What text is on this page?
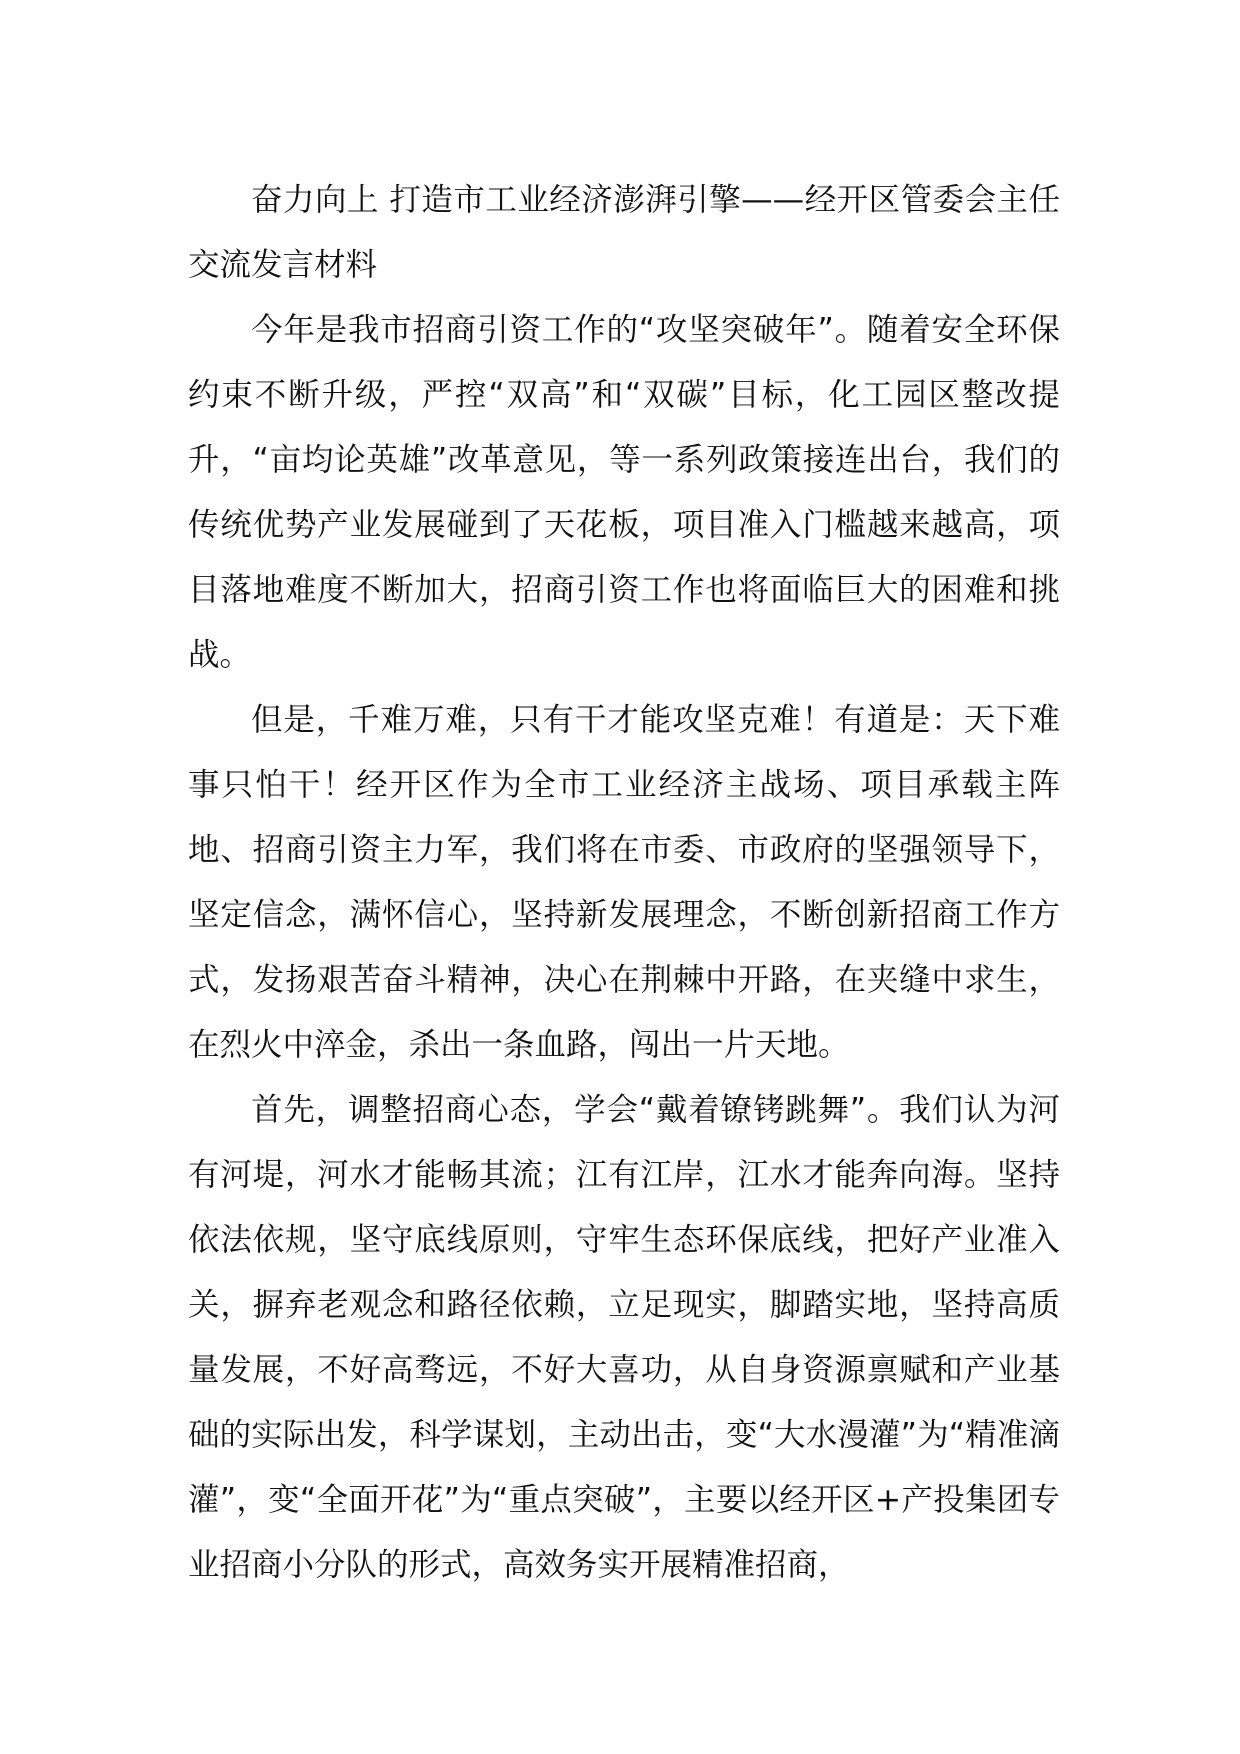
奋力向上 打造市工业经济澎湃引擎——经开区管委会主任交流发言材料

今年是我市招商引资工作的“攻坚突破年”。随着安全环保约束不断升级，严控“双高”和“双碳”目标，化工园区整改提升，“亩均论英雄”改革意见，等一系列政策接连出台，我们的传统优势产业发展碰到了天花板，项目准入门槛越来越高，项目落地难度不断加大，招商引资工作也将面临巨大的困难和挑战。

但是，千难万难，只有干才能攻坚克难！有道是：天下难事只怕干！经开区作为全市工业经济主战场、项目承载主阵地、招商引资主力军，我们将在市委、市政府的坚强领导下，坚定信念，满怀信心，坚持新发展理念，不断创新招商工作方式，发扬艰苦奋斗精神，决心在荆棘中开路，在夹缝中求生，在烈火中淬金，杀出一条血路，闯出一片天地。

首先，调整招商心态，学会“戴着镣铐跳舞”。我们认为河有河堤，河水才能畅其流；江有江岸，江水才能奔向海。坚持依法依规，坚守底线原则，守牢生态环保底线，把好产业准入关，摒弃老观念和路径依赖，立足现实，脚踏实地，坚持高质量发展，不好高骛远，不好大喜功，从自身资源禀赋和产业基础的实际出发，科学谋划，主动出击，变“大水漫灌”为“精准滴灌”，变“全面开花”为“重点突破”，主要以经开区+产投集团专业招商小分队的形式，高效务实开展精准招商，
